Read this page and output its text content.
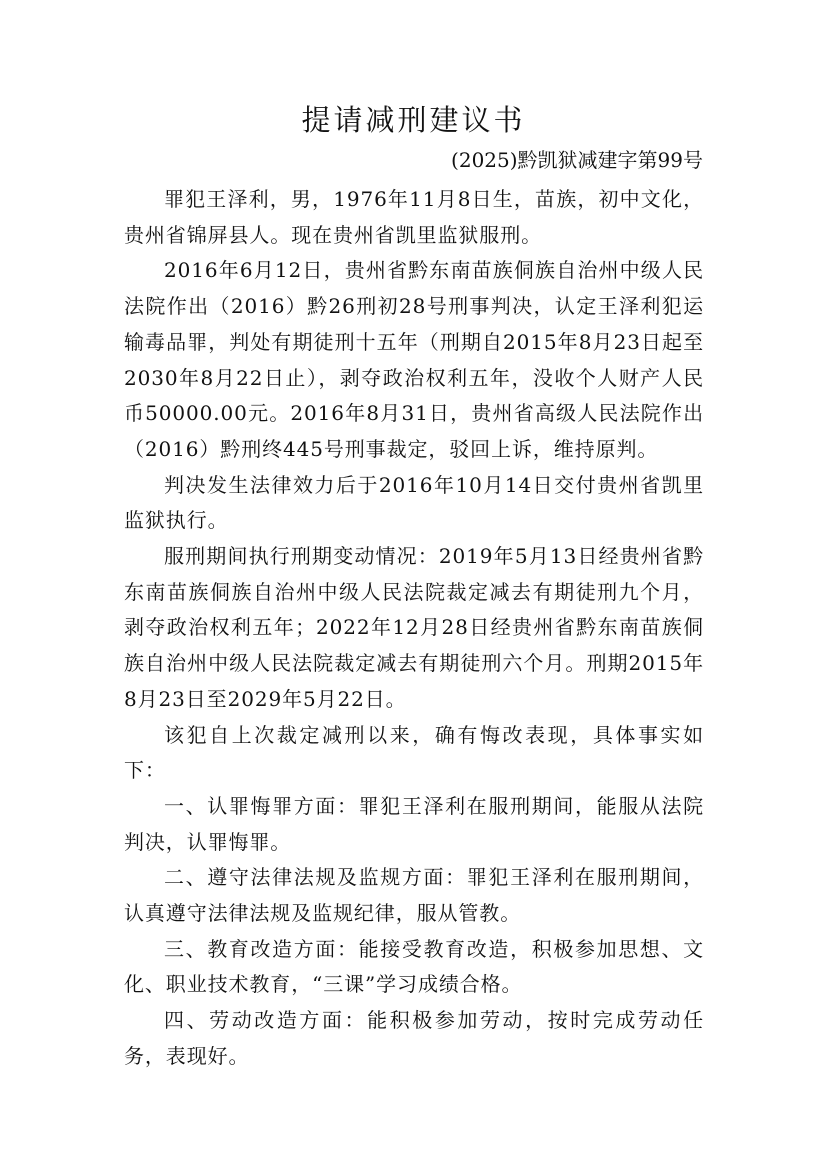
提请减刑建议书
(2025)黔凯狱减建字第99号

罪犯王泽利，男，1976年11月8日生，苗族，初中文化，贵州省锦屏县人。现在贵州省凯里监狱服刑。

2016年6月12日，贵州省黔东南苗族侗族自治州中级人民法院作出（2016）黔26刑初28号刑事判决，认定王泽利犯运输毒品罪，判处有期徒刑十五年（刑期自2015年8月23日起至2030年8月22日止），剥夺政治权利五年，没收个人财产人民币50000.00元。2016年8月31日，贵州省高级人民法院作出（2016）黔刑终445号刑事裁定，驳回上诉，维持原判。

判决发生法律效力后于2016年10月14日交付贵州省凯里监狱执行。

服刑期间执行刑期变动情况：2019年5月13日经贵州省黔东南苗族侗族自治州中级人民法院裁定减去有期徒刑九个月，剥夺政治权利五年；2022年12月28日经贵州省黔东南苗族侗族自治州中级人民法院裁定减去有期徒刑六个月。刑期2015年8月23日至2029年5月22日。

该犯自上次裁定减刑以来，确有悔改表现，具体事实如下：

一、认罪悔罪方面：罪犯王泽利在服刑期间，能服从法院判决，认罪悔罪。

二、遵守法律法规及监规方面：罪犯王泽利在服刑期间，认真遵守法律法规及监规纪律，服从管教。

三、教育改造方面：能接受教育改造，积极参加思想、文化、职业技术教育，“三课”学习成绩合格。

四、劳动改造方面：能积极参加劳动，按时完成劳动任务，表现好。
